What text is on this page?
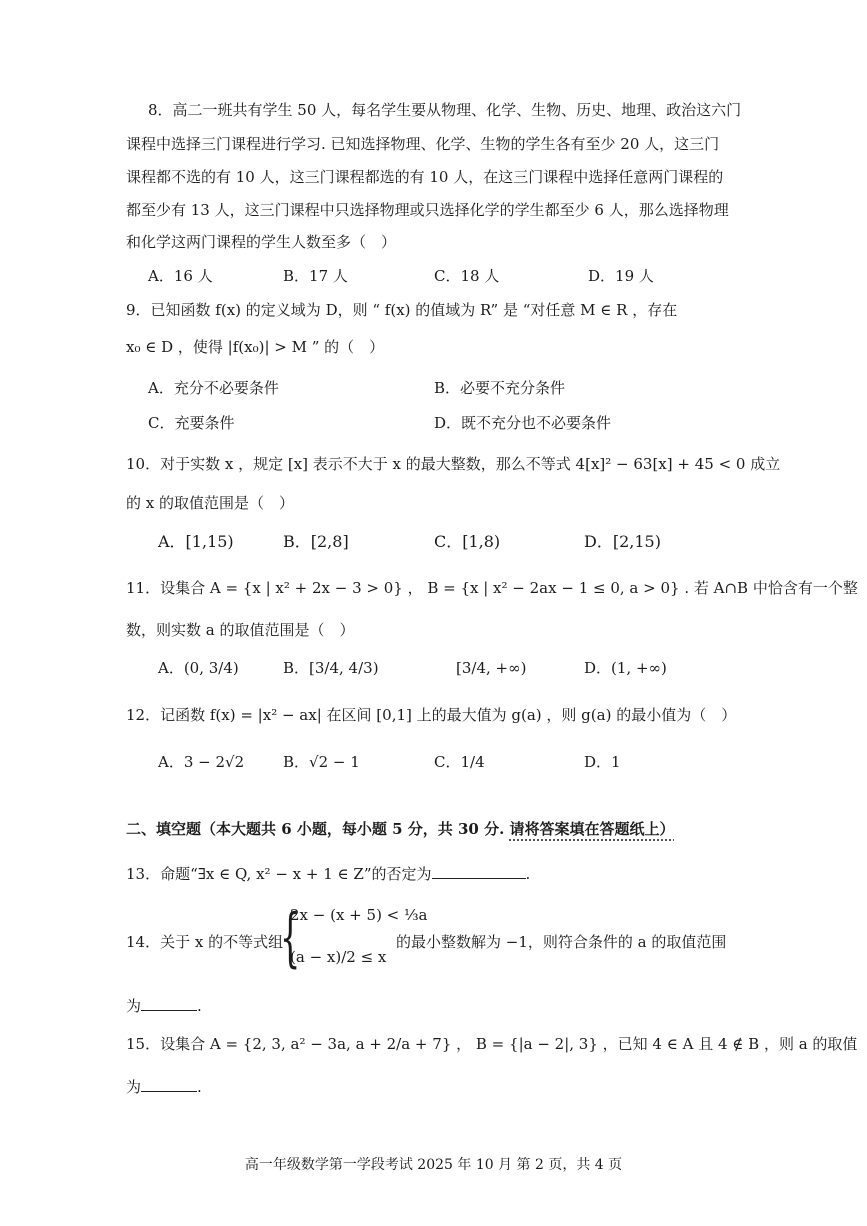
8．高二一班共有学生 50 人，每名学生要从物理、化学、生物、历史、地理、政治这六门
课程中选择三门课程进行学习. 已知选择物理、化学、生物的学生各有至少 20 人，这三门
课程都不选的有 10 人，这三门课程都选的有 10 人，在这三门课程中选择任意两门课程的
都至少有 13 人，这三门课程中只选择物理或只选择化学的学生都至少 6 人，那么选择物理
和化学这两门课程的学生人数至多（　）
A．16 人	B．17 人	C．18 人	D．19 人
9．已知函数 f(x) 的定义域为 D，则 “ f(x) 的值域为 R” 是 “对任意 M ∈ R ，存在
x₀ ∈ D ，使得 |f(x₀)| > M ” 的（　）
A．充分不必要条件	B．必要不充分条件
C．充要条件	D．既不充分也不必要条件
10．对于实数 x ，规定 [x] 表示不大于 x 的最大整数，那么不等式 4[x]² − 63[x] + 45 < 0 成立
的 x 的取值范围是（　）
A．[1,15)	B．[2,8]	C．[1,8)	D．[2,15)
11．设集合 A = {x | x² + 2x − 3 > 0} ， B = {x | x² − 2ax − 1 ≤ 0, a > 0} . 若 A∩B 中恰含有一个整
数，则实数 a 的取值范围是（　）
A．(0, 3/4)	B．[3/4, 4/3)	[3/4, +∞)	D．(1, +∞)
12．记函数 f(x) = |x² − ax| 在区间 [0,1] 上的最大值为 g(a) ，则 g(a) 的最小值为（　）
A．3 − 2√2	B．√2 − 1	C．1/4	D．1
二、填空题（本大题共 6 小题，每小题 5 分，共 30 分. 请将答案填在答题纸上）
13．命题“∃x ∈ Q, x² − x + 1 ∈ Z”的否定为	.
14．关于 x 的不等式组
{
2x − (x + 5) < ⅓a
(a − x)/2 ≤ x
的最小整数解为 −1，则符合条件的 a 的取值范围
为	.
15．设集合 A = {2, 3, a² − 3a, a + 2/a + 7} ， B = {|a − 2|, 3} ，已知 4 ∈ A 且 4 ∉ B ，则 a 的取值
为	.
高一年级数学第一学段考试 2025 年 10 月 第 2 页，共 4 页
